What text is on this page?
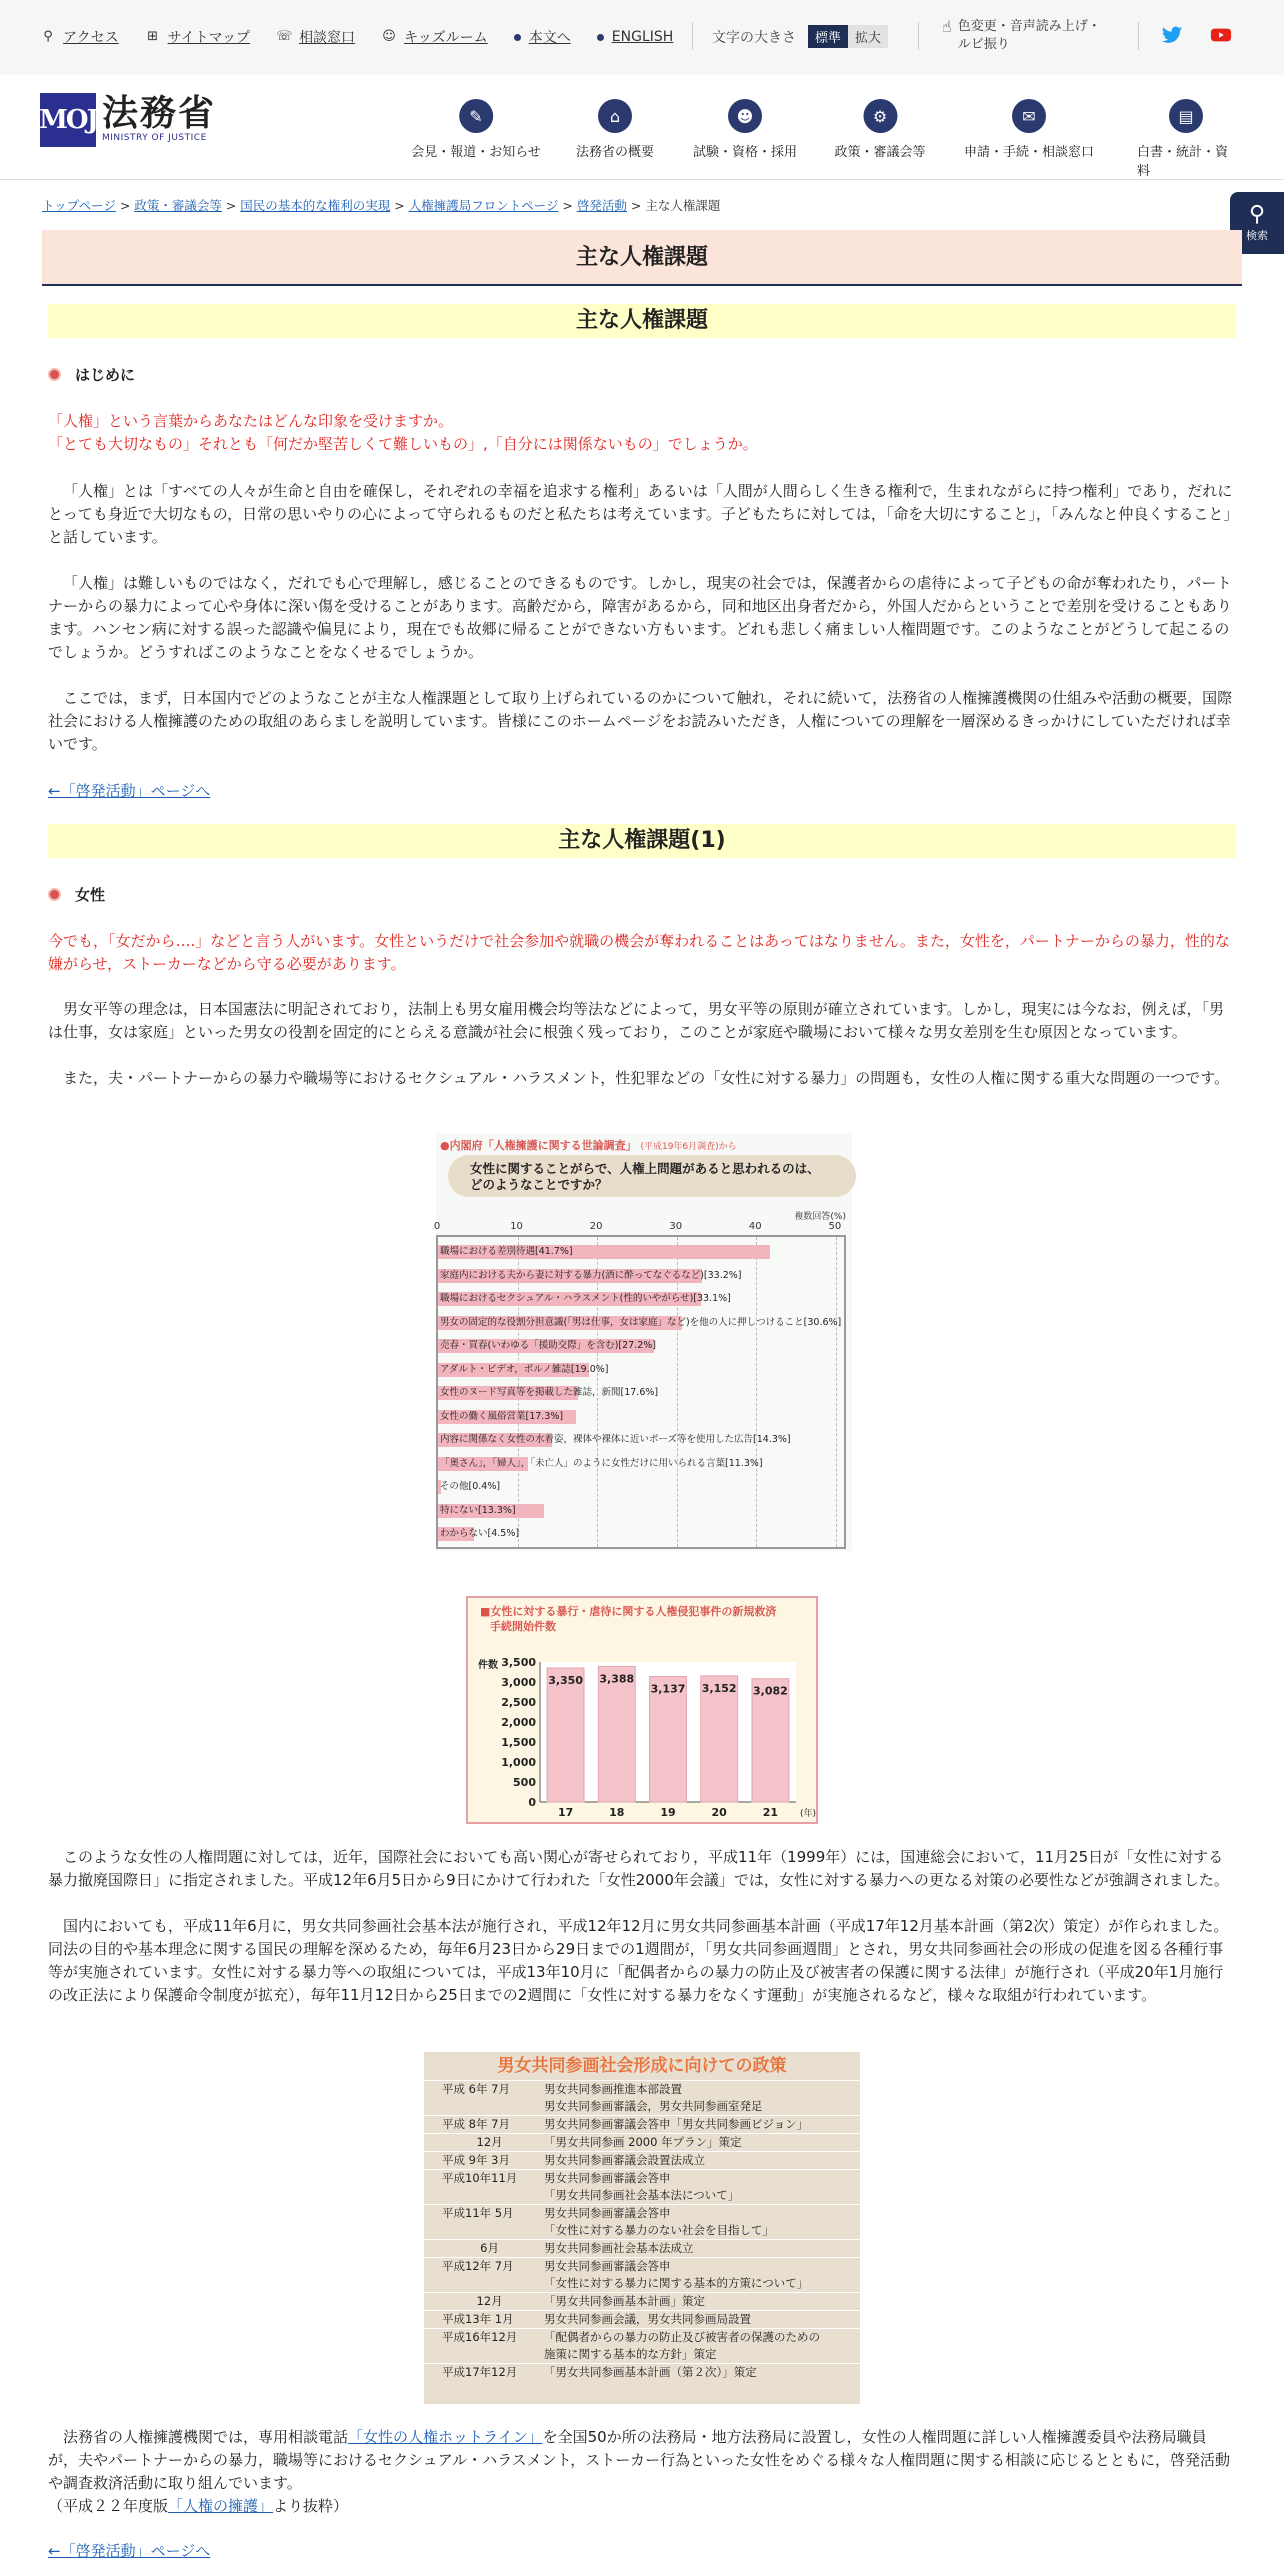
⚲ アクセス ⊞ サイトマップ ☏ 相談窓口 ☺ キッズルーム	本文へ	ENGLISH	文字の大きさ	標準	拡大
☝ 色変更・音声読み上げ・
ルビ振り
MOJ 法務省
MINISTRY OF JUSTICE
✎
会見・報道・お知らせ
⌂
法務省の概要
☻
試験・資格・採用
⚙
政策・審議会等
✉
申請・手続・相談窓口
▤
白書・統計・資料
トップページ > 政策・審議会等 > 国民の基本的な権利の実現 > 人権擁護局フロントページ > 啓発活動 > 主な人権課題	⚲
検索
主な人権課題
主な人権課題
はじめに
「人権」という言葉からあなたはどんな印象を受けますか。
「とても大切なもの」それとも「何だか堅苦しくて難しいもの」,「自分には関係ないもの」でしょうか。
「人権」とは「すべての人々が生命と自由を確保し，それぞれの幸福を追求する権利」あるいは「人間が人間らしく生きる権利で，生まれながらに持つ権利」であり，だれにとっても身近で大切なもの，日常の思いやりの心によって守られるものだと私たちは考えています。子どもたちに対しては，「命を大切にすること」，「みんなと仲良くすること」と話しています。
「人権」は難しいものではなく，だれでも心で理解し，感じることのできるものです。しかし，現実の社会では，保護者からの虐待によって子どもの命が奪われたり，パートナーからの暴力によって心や身体に深い傷を受けることがあります。高齢だから，障害があるから，同和地区出身者だから，外国人だからということで差別を受けることもあります。ハンセン病に対する誤った認識や偏見により，現在でも故郷に帰ることができない方もいます。どれも悲しく痛ましい人権問題です。このようなことがどうして起こるのでしょうか。どうすればこのようなことをなくせるでしょうか。
ここでは，まず，日本国内でどのようなことが主な人権課題として取り上げられているのかについて触れ，それに続いて，法務省の人権擁護機関の仕組みや活動の概要，国際社会における人権擁護のための取組のあらましを説明しています。皆様にこのホームページをお読みいただき，人権についての理解を一層深めるきっかけにしていただければ幸いです。
←「啓発活動」ページへ
主な人権課題(1)
女性
今でも，「女だから….」などと言う人がいます。女性というだけで社会参加や就職の機会が奪われることはあってはなりません。また，女性を，パートナーからの暴力，性的な嫌がらせ，ストーカーなどから守る必要があります。
男女平等の理念は，日本国憲法に明記されており，法制上も男女雇用機会均等法などによって，男女平等の原則が確立されています。しかし，現実には今なお，例えば，「男は仕事，女は家庭」といった男女の役割を固定的にとらえる意識が社会に根強く残っており，このことが家庭や職場において様々な男女差別を生む原因となっています。
また，夫・パートナーからの暴力や職場等におけるセクシュアル・ハラスメント，性犯罪などの「女性に対する暴力」の問題も，女性の人権に関する重大な問題の一つです。
●内閣府「人権擁護に関する世論調査」 (平成19年6月調査)から
女性に関することがらで、人権上問題があると思われるのは、
どのようなことですか？
複数回答(%)
0	10	20	30	40	50
職場における差別待遇[41.7%]
家庭内における夫から妻に対する暴力(酒に酔ってなぐるなど)[33.2%]
職場におけるセクシュアル・ハラスメント(性的いやがらせ)[33.1%]
男女の固定的な役割分担意識(「男は仕事，女は家庭」など)を他の人に押しつけること[30.6%]
売春・買春(いわゆる「援助交際」を含む)[27.2%]
アダルト・ビデオ，ポルノ雑誌[19.0%]
女性のヌード写真等を掲載した雑誌，新聞[17.6%]
女性の働く風俗営業[17.3%]
内容に関係なく女性の水着姿，裸体や裸体に近いポーズ等を使用した広告[14.3%]
「奥さん」，「婦人」，「未亡人」のように女性だけに用いられる言葉[11.3%]
その他[0.4%]
特にない[13.3%]
わからない[4.5%]
■女性に対する暴行・虐待に関する人権侵犯事件の新規救済
手続開始件数
0
500
1,000
1,500
2,000
2,500
3,000
3,500
件数
3,350
17
3,388
18
3,137
19
3,152
20
3,082
21 (年)
このような女性の人権問題に対しては，近年，国際社会においても高い関心が寄せられており，平成11年（1999年）には，国連総会において，11月25日が「女性に対する暴力撤廃国際日」に指定されました。平成12年6月5日から9日にかけて行われた「女性2000年会議」では，女性に対する暴力への更なる対策の必要性などが強調されました。
国内においても，平成11年6月に，男女共同参画社会基本法が施行され，平成12年12月に男女共同参画基本計画（平成17年12月基本計画（第2次）策定）が作られました。同法の目的や基本理念に関する国民の理解を深めるため，毎年6月23日から29日までの1週間が，「男女共同参画週間」とされ，男女共同参画社会の形成の促進を図る各種行事等が実施されています。女性に対する暴力等への取組については，平成13年10月に「配偶者からの暴力の防止及び被害者の保護に関する法律」が施行され（平成20年1月施行の改正法により保護命令制度が拡充），毎年11月12日から25日までの2週間に「女性に対する暴力をなくす運動」が実施されるなど，様々な取組が行われています。
男女共同参画社会形成に向けての政策
平成 6年 7月	男女共同参画推進本部設置
男女共同参画審議会，男女共同参画室発足
平成 8年 7月	男女共同参画審議会答申「男女共同参画ビジョン」
　　　12月	「男女共同参画 2000 年プラン」策定
平成 9年 3月	男女共同参画審議会設置法成立
平成10年11月	男女共同参画審議会答申
「男女共同参画社会基本法について」
平成11年 5月	男女共同参画審議会答申
「女性に対する暴力のない社会を目指して」
　　　 6月	男女共同参画社会基本法成立
平成12年 7月	男女共同参画審議会答申
「女性に対する暴力に関する基本的方策について」
　　　12月	「男女共同参画基本計画」策定
平成13年 1月	男女共同参画会議，男女共同参画局設置
平成16年12月	「配偶者からの暴力の防止及び被害者の保護のための
施策に関する基本的な方針」策定
平成17年12月	「男女共同参画基本計画（第２次）」策定
法務省の人権擁護機関では，専用相談電話「女性の人権ホットライン」を全国50か所の法務局・地方法務局に設置し，女性の人権問題に詳しい人権擁護委員や法務局職員が，夫やパートナーからの暴力，職場等におけるセクシュアル・ハラスメント，ストーカー行為といった女性をめぐる様々な人権問題に関する相談に応じるとともに，啓発活動や調査救済活動に取り組んでいます。
（平成２２年度版「人権の擁護」より抜粋）
←「啓発活動」ページへ
